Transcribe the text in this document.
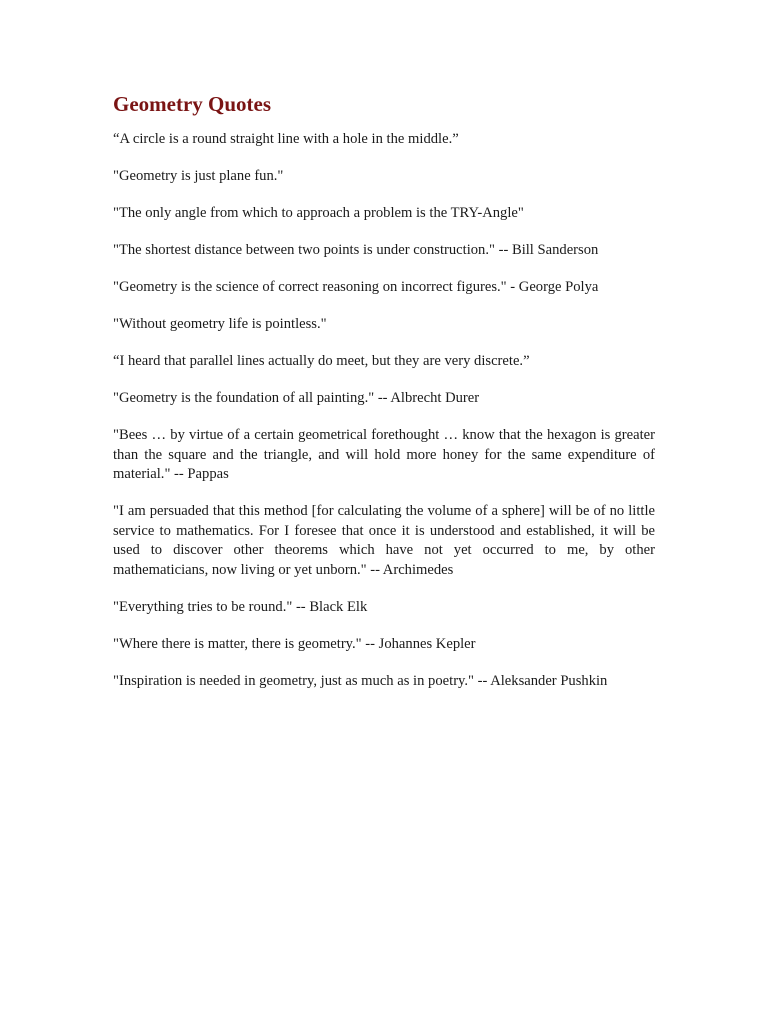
Geometry Quotes

“A circle is a round straight line with a hole in the middle.”

"Geometry is just plane fun."

"The only angle from which to approach a problem is the TRY-Angle"

"The shortest distance between two points is under construction." -- Bill Sanderson

"Geometry is the science of correct reasoning on incorrect figures." - George Polya

"Without geometry life is pointless."

“I heard that parallel lines actually do meet, but they are very discrete.”

"Geometry is the foundation of all painting." -- Albrecht Durer

"Bees … by virtue of a certain geometrical forethought … know that the hexagon is greater than the square and the triangle, and will hold more honey for the same expenditure of material." -- Pappas

"I am persuaded that this method [for calculating the volume of a sphere] will be of no little service to mathematics. For I foresee that once it is understood and established, it will be used to discover other theorems which have not yet occurred to me, by other mathematicians, now living or yet unborn." -- Archimedes

"Everything tries to be round." -- Black Elk

"Where there is matter, there is geometry." -- Johannes Kepler

"Inspiration is needed in geometry, just as much as in poetry." -- Aleksander Pushkin
